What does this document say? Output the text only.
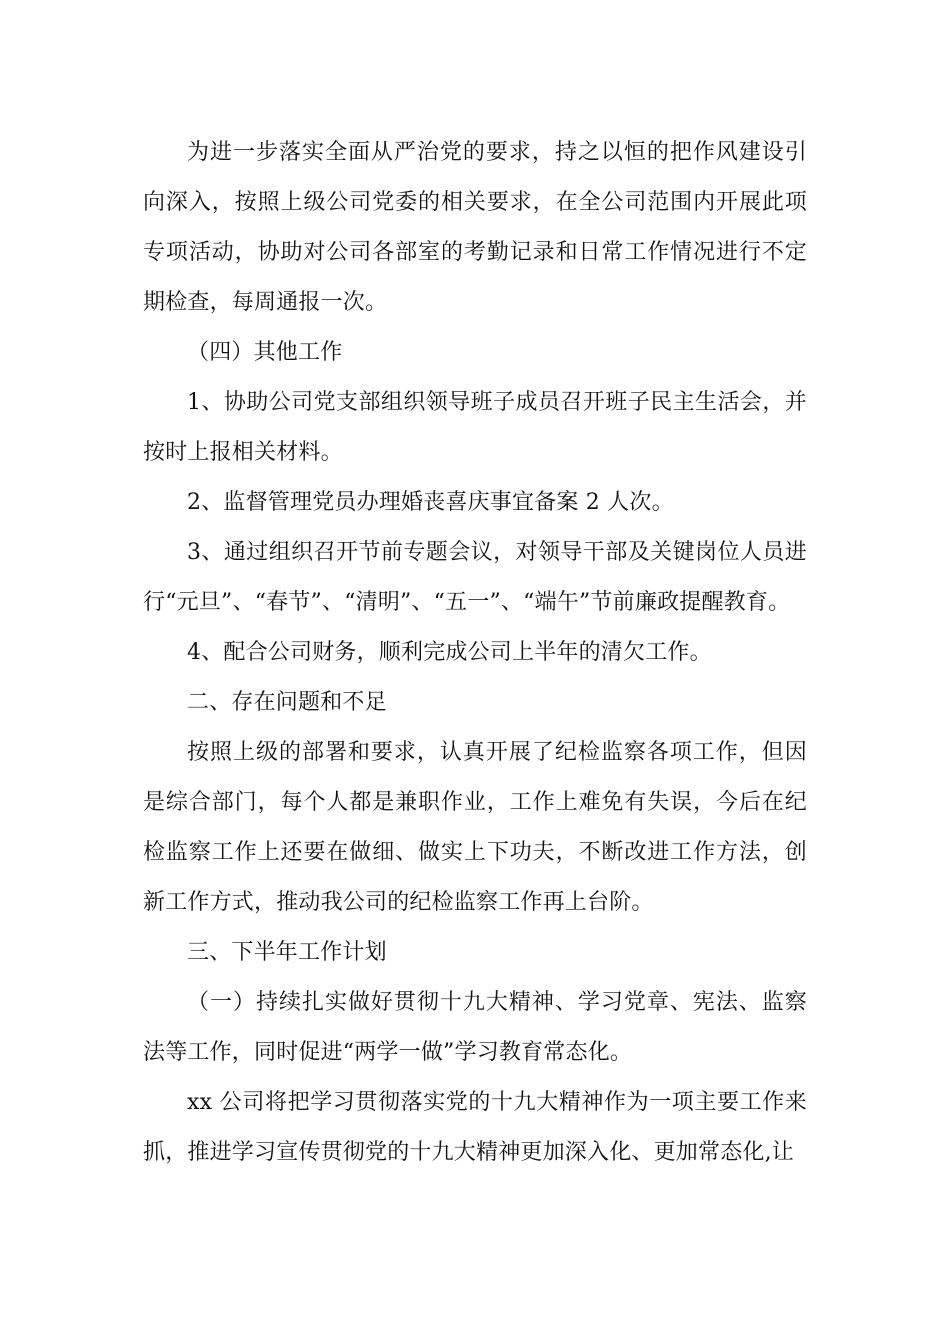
为进一步落实全面从严治党的要求，持之以恒的把作风建设引向深入，按照上级公司党委的相关要求，在全公司范围内开展此项专项活动，协助对公司各部室的考勤记录和日常工作情况进行不定期检查，每周通报一次。

（四）其他工作

1、协助公司党支部组织领导班子成员召开班子民主生活会，并按时上报相关材料。

2、监督管理党员办理婚丧喜庆事宜备案 2 人次。

3、通过组织召开节前专题会议，对领导干部及关键岗位人员进行“元旦”、“春节”、“清明”、“五一”、“端午”节前廉政提醒教育。

4、配合公司财务，顺利完成公司上半年的清欠工作。

二、存在问题和不足

按照上级的部署和要求，认真开展了纪检监察各项工作，但因是综合部门，每个人都是兼职作业，工作上难免有失误，今后在纪检监察工作上还要在做细、做实上下功夫，不断改进工作方法，创新工作方式，推动我公司的纪检监察工作再上台阶。

三、下半年工作计划

（一）持续扎实做好贯彻十九大精神、学习党章、宪法、监察法等工作，同时促进“两学一做”学习教育常态化。

xx 公司将把学习贯彻落实党的十九大精神作为一项主要工作来抓，推进学习宣传贯彻党的十九大精神更加深入化、更加常态化,让
